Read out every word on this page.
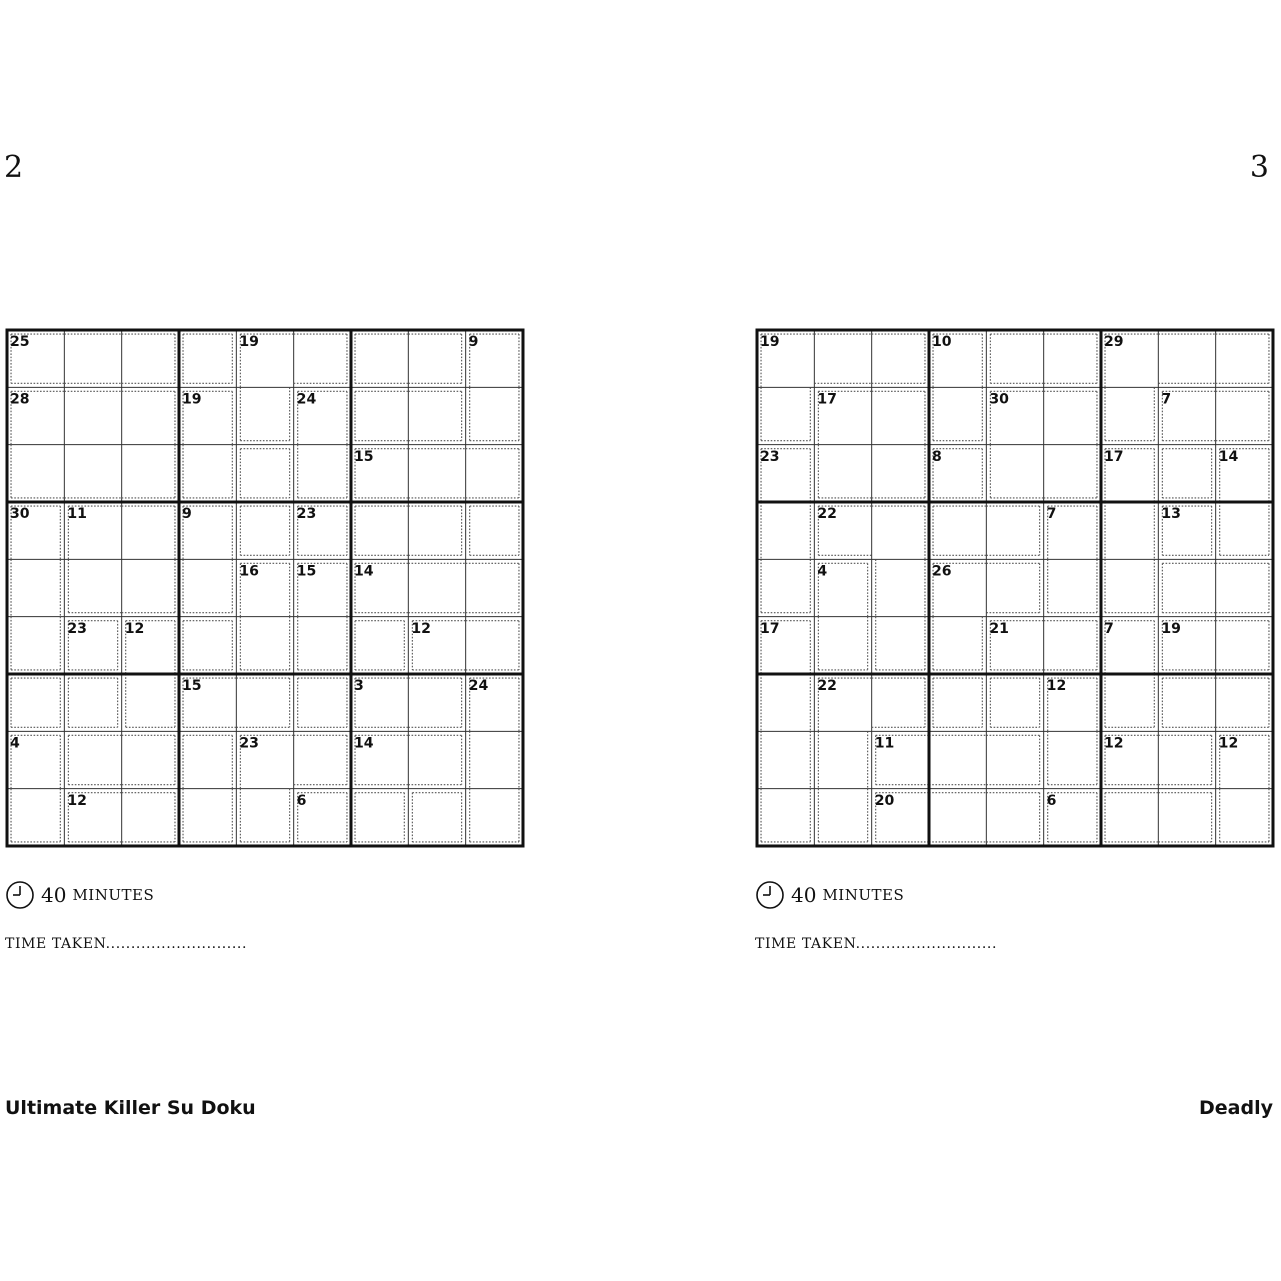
2
25	19	9
28	19	24
15
30	11	9	23
16	15	14
23	12	12
15	3	24
4	23	14
12	6
40 MINUTES
TIME TAKEN............................
Ultimate Killer Su Doku
3
19	10	29
17	30	7
23	8	17	14
22	7	13
4	26
17	21	7	19
22	12
11	12	12
20	6
40 MINUTES
TIME TAKEN............................
Deadly
